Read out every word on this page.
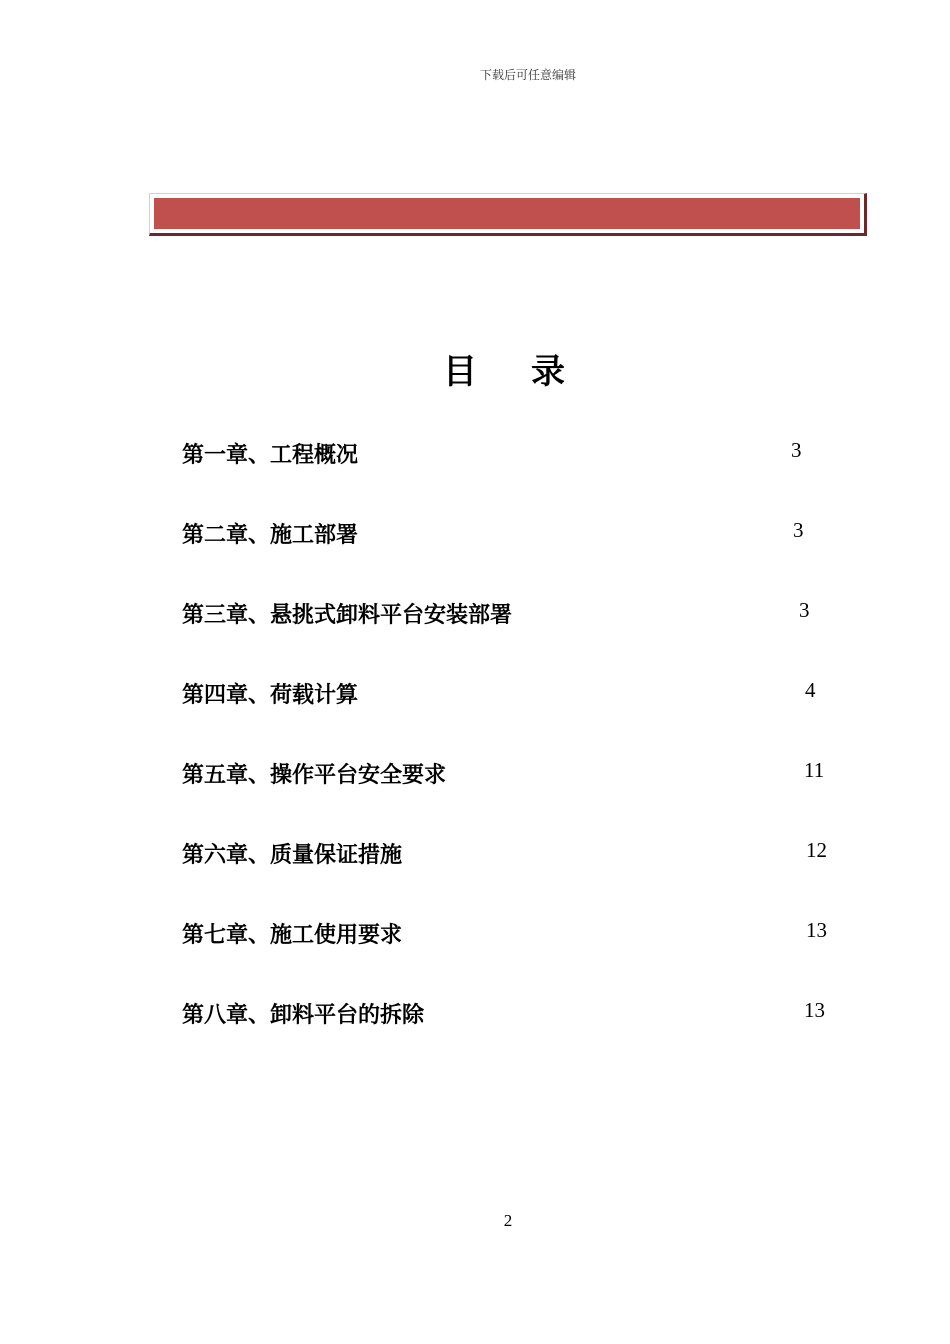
下载后可任意编辑
目 录
第一章、工程概况	3
第二章、施工部署	3
第三章、悬挑式卸料平台安装部署	3
第四章、荷载计算	4
第五章、操作平台安全要求	11
第六章、质量保证措施	12
第七章、施工使用要求	13
第八章、卸料平台的拆除	13
2
